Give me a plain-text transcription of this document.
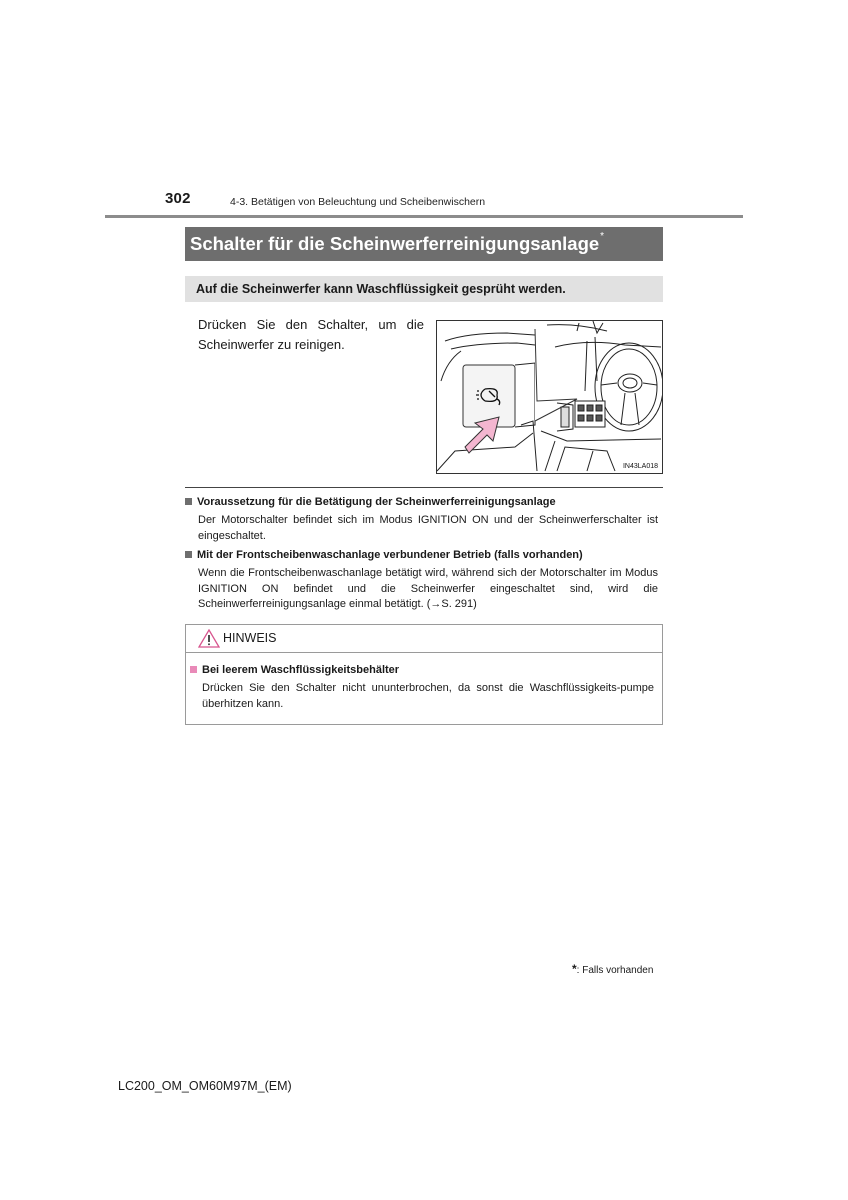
302	4-3. Betätigen von Beleuchtung und Scheibenwischern
Schalter für die Scheinwerferreinigungsanlage*
Auf die Scheinwerfer kann Waschflüssigkeit gesprüht werden.
Drücken Sie den Schalter, um die Scheinwerfer zu reinigen.
IN43LA018
Voraussetzung für die Betätigung der Scheinwerferreinigungsanlage
Der Motorschalter befindet sich im Modus IGNITION ON und der Scheinwerferschalter ist eingeschaltet.
Mit der Frontscheibenwaschanlage verbundener Betrieb (falls vorhanden)
Wenn die Frontscheibenwaschanlage betätigt wird, während sich der Motorschalter im Modus IGNITION ON befindet und die Scheinwerfer eingeschaltet sind, wird die Scheinwerferreinigungsanlage einmal betätigt. (→S. 291)
HINWEIS
Bei leerem Waschflüssigkeitsbehälter
Drücken Sie den Schalter nicht ununterbrochen, da sonst die Waschflüssigkeits-pumpe überhitzen kann.
*: Falls vorhanden
LC200_OM_OM60M97M_(EM)
